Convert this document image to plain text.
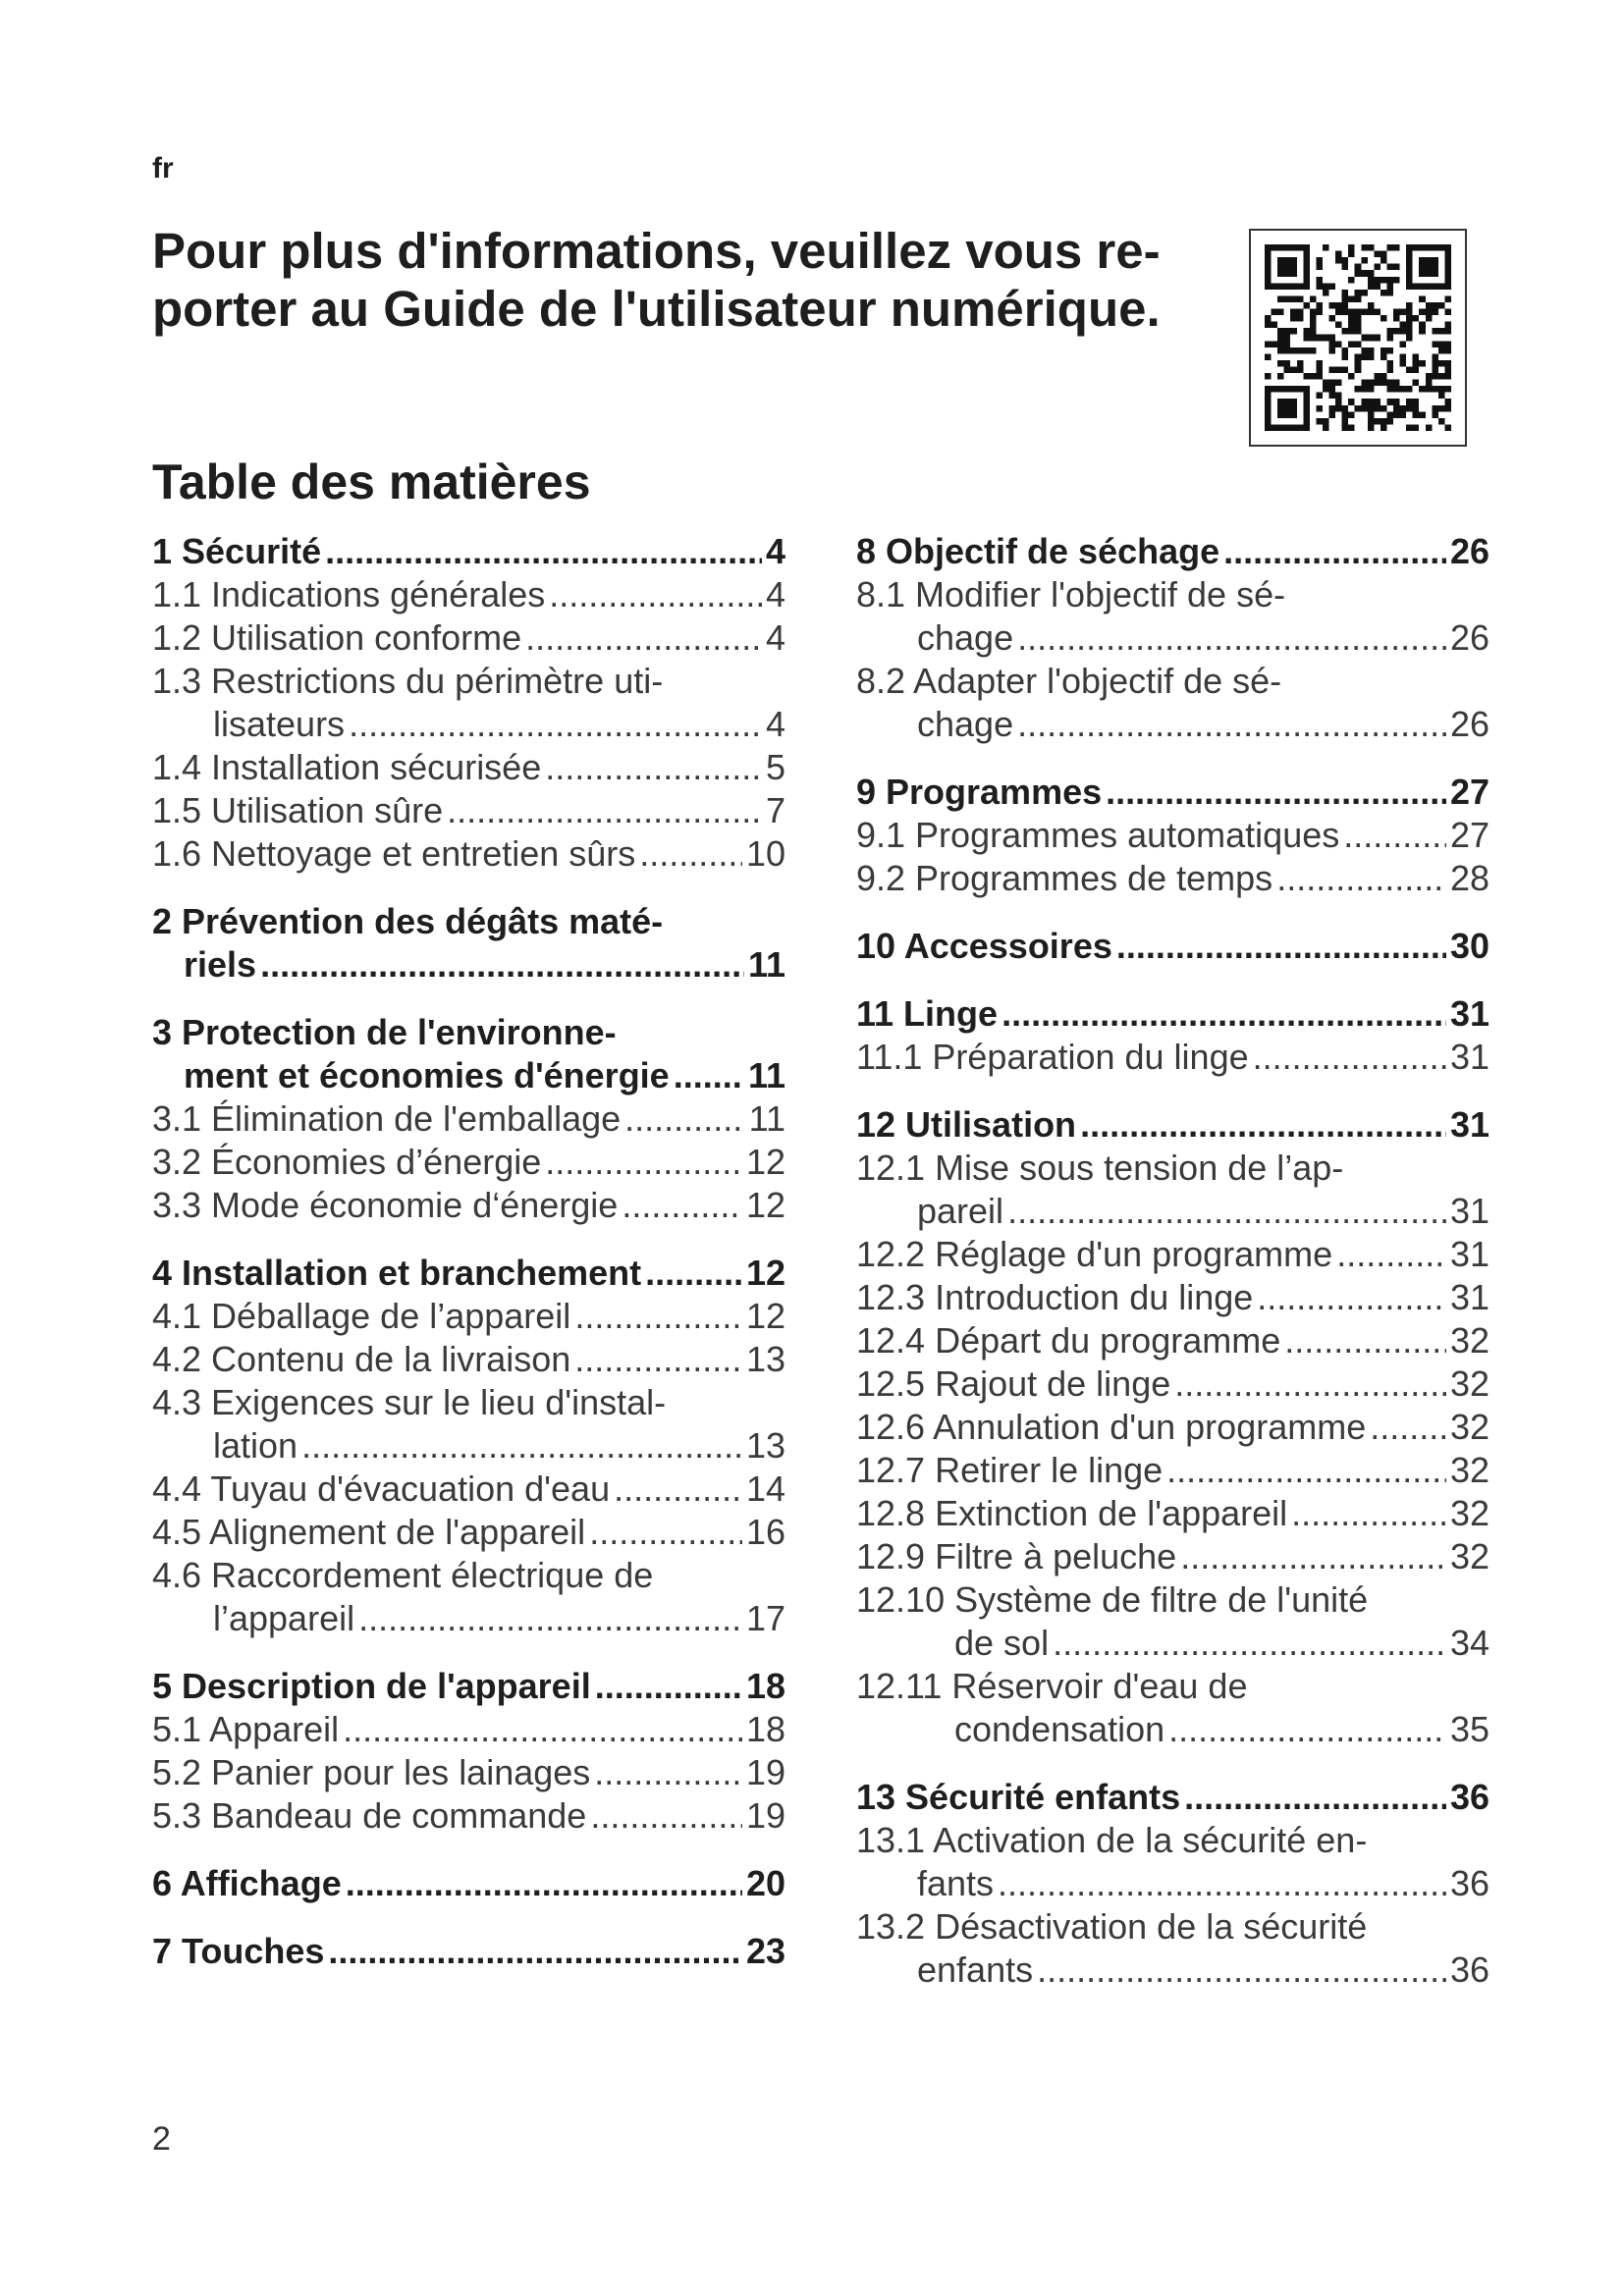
fr
Pour plus d'informations, veuillez vous re-
porter au Guide de l'utilisateur numérique.
Table des matières
1 Sécurité .....	4
1.1 Indications générales .....	4
1.2 Utilisation conforme .....	4
1.3 Restrictions du périmètre uti-
lisateurs .....	4
1.4 Installation sécurisée .....	5
1.5 Utilisation sûre .....	7
1.6 Nettoyage et entretien sûrs .....	10
2 Prévention des dégâts maté-
riels .....	11
3 Protection de l'environne-
ment et économies d'énergie ..... 11
3.1 Élimination de l'emballage .....	11
3.2 Économies d’énergie .....	12
3.3 Mode économie d‘énergie .....	12
4 Installation et branchement .....	12
4.1 Déballage de l’appareil .....	12
4.2 Contenu de la livraison .....	13
4.3 Exigences sur le lieu d'instal-
lation .....	13
4.4 Tuyau d'évacuation d'eau .....	14
4.5 Alignement de l'appareil .....	16
4.6 Raccordement électrique de
l’appareil .....	17
5 Description de l'appareil .....	18
5.1 Appareil .....	18
5.2 Panier pour les lainages .....	19
5.3 Bandeau de commande .....	19
6 Affichage .....	20
7 Touches .....	23
8 Objectif de séchage .....	26
8.1 Modifier l'objectif de sé-
chage .....	26
8.2 Adapter l'objectif de sé-
chage .....	26
9 Programmes .....	27
9.1 Programmes automatiques .....	27
9.2 Programmes de temps .....	28
10 Accessoires .....	30
11 Linge .....	31
11.1 Préparation du linge .....	31
12 Utilisation .....	31
12.1 Mise sous tension de l’ap-
pareil .....	31
12.2 Réglage d'un programme .....	31
12.3 Introduction du linge .....	31
12.4 Départ du programme .....	32
12.5 Rajout de linge .....	32
12.6 Annulation d'un programme ..... 32
12.7 Retirer le linge .....	32
12.8 Extinction de l'appareil .....	32
12.9 Filtre à peluche .....	32
12.10 Système de filtre de l'unité
de sol .....	34
12.11 Réservoir d'eau de
condensation .....	35
13 Sécurité enfants .....	36
13.1 Activation de la sécurité en-
fants .....	36
13.2 Désactivation de la sécurité
enfants .....	36
2
